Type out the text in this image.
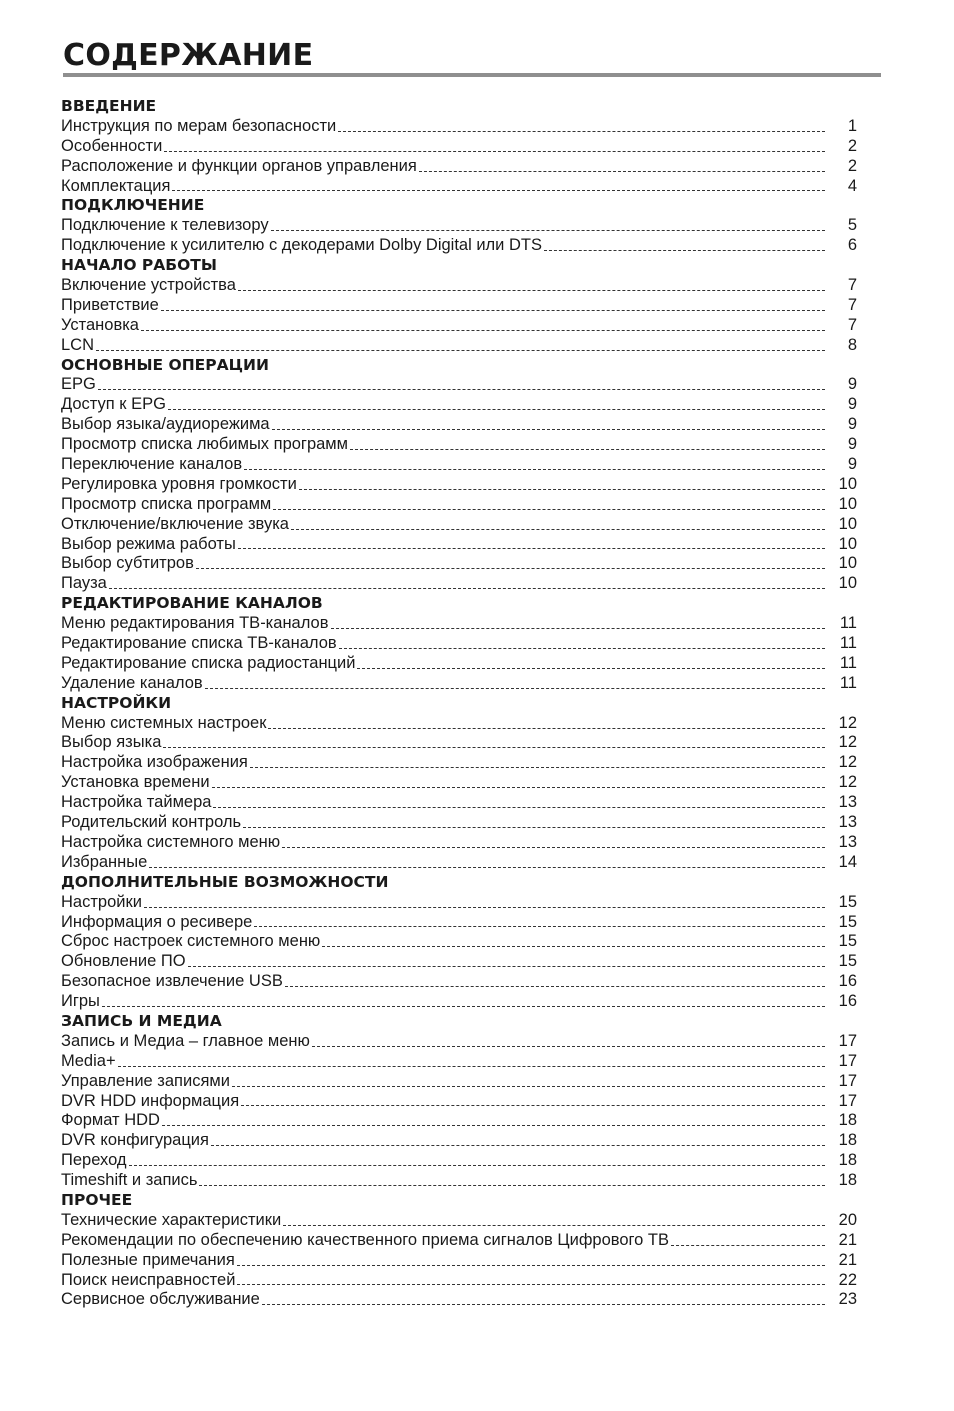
СОДЕРЖАНИЕ
ВВЕДЕНИЕ
Инструкция по мерам безопасности	1
Особенности	2
Расположение и функции органов управления	2
Комплектация	4
ПОДКЛЮЧЕНИЕ
Подключение к телевизору	5
Подключение к усилителю с декодерами Dolby Digital или DTS	6
НАЧАЛО РАБОТЫ
Включение устройства	7
Приветствие	7
Установка	7
LCN	8
ОСНОВНЫЕ ОПЕРАЦИИ
EPG	9
Доступ к EPG	9
Выбор языка/аудиорежима	9
Просмотр списка любимых программ	9
Переключение каналов	9
Регулировка уровня громкости	10
Просмотр списка программ	10
Отключение/включение звука	10
Выбор режима работы	10
Выбор субтитров	10
Пауза	10
РЕДАКТИРОВАНИЕ КАНАЛОВ
Меню редактирования ТВ-каналов	11
Редактирование списка ТВ-каналов	11
Редактирование списка радиостанций	11
Удаление каналов	11
НАСТРОЙКИ
Меню системных настроек	12
Выбор языка	12
Настройка изображения	12
Установка времени	12
Настройка таймера	13
Родительский контроль	13
Настройка системного меню	13
Избранные	14
ДОПОЛНИТЕЛЬНЫЕ ВОЗМОЖНОСТИ
Настройки	15
Информация о ресивере	15
Сброс настроек системного меню	15
Обновление ПО	15
Безопасное извлечение USB	16
Игры	16
ЗАПИСЬ И МЕДИА
Запись и Медиа – главное меню	17
Media+	17
Управление записями	17
DVR HDD информация	17
Формат HDD	18
DVR конфигурация	18
Переход	18
Timeshift и запись	18
ПРОЧЕЕ
Технические характеристики	20
Рекомендации по обеспечению качественного приема сигналов Цифрового ТВ	21
Полезные примечания	21
Поиск неисправностей	22
Сервисное обслуживание	23
